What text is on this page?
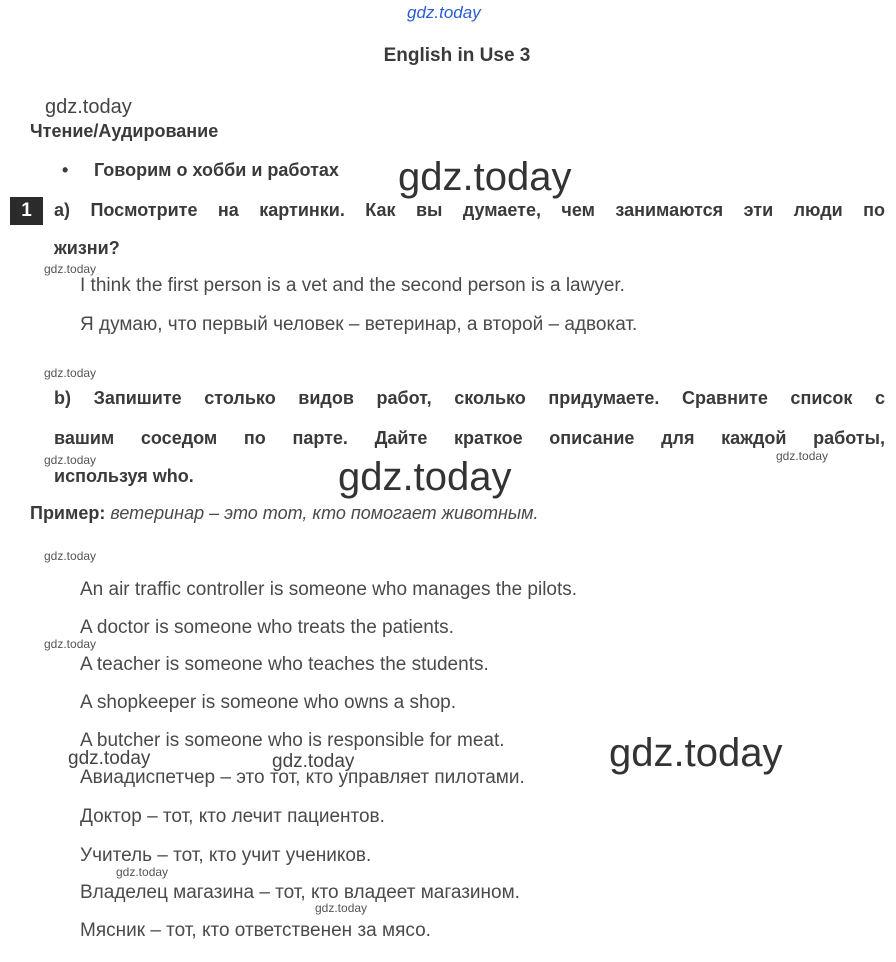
gdz.today
English in Use 3
gdz.today
Чтение/Аудирование
• Говорим о хобби и работах gdz.today
1	a) Посмотрите на картинки. Как вы думаете, чем занимаются эти люди по
жизни?
gdz.today
I think the first person is a vet and the second person is a lawyer.
Я думаю, что первый человек – ветеринар, а второй – адвокат.
gdz.today
b) Запишите столько видов работ, сколько придумаете. Сравните список с
вашим соседом по парте. Дайте краткое описание для каждой работы,
gdz.today	gdz.today
используя who.	gdz.today
Пример: ветеринар – это тот, кто помогает животным.
gdz.today
An air traffic controller is someone who manages the pilots.
A doctor is someone who treats the patients.
gdz.today
A teacher is someone who teaches the students.
A shopkeeper is someone who owns a shop.
A butcher is someone who is responsible for meat.	gdz.today
gdz.today	gdz.today
Авиадиспетчер – это тот, кто управляет пилотами.
Доктор – тот, кто лечит пациентов.
Учитель – тот, кто учит учеников.
gdz.today
Владелец магазина – тот, кто владеет магазином.
gdz.today
Мясник – тот, кто ответственен за мясо.
